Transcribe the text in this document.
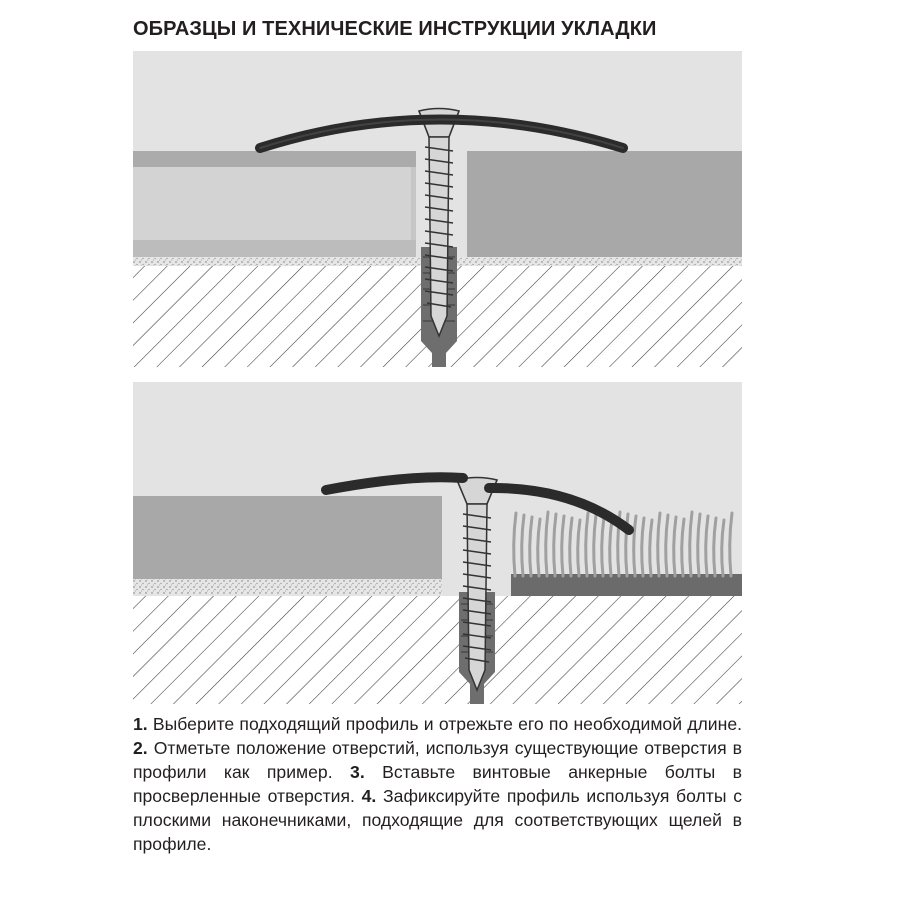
ОБРАЗЦЫ И ТЕХНИЧЕСКИЕ ИНСТРУКЦИИ УКЛАДКИ
1. Выберите подходящий профиль и отрежьте его по необходимой длине. 2. Отметьте положение отверстий, используя существующие отверстия в профили как пример. 3. Вставьте винтовые анкерные болты в просверленные отверстия. 4. Зафиксируйте профиль используя болты с плоскими наконечниками, подходящие для соответствующих щелей в профиле.
